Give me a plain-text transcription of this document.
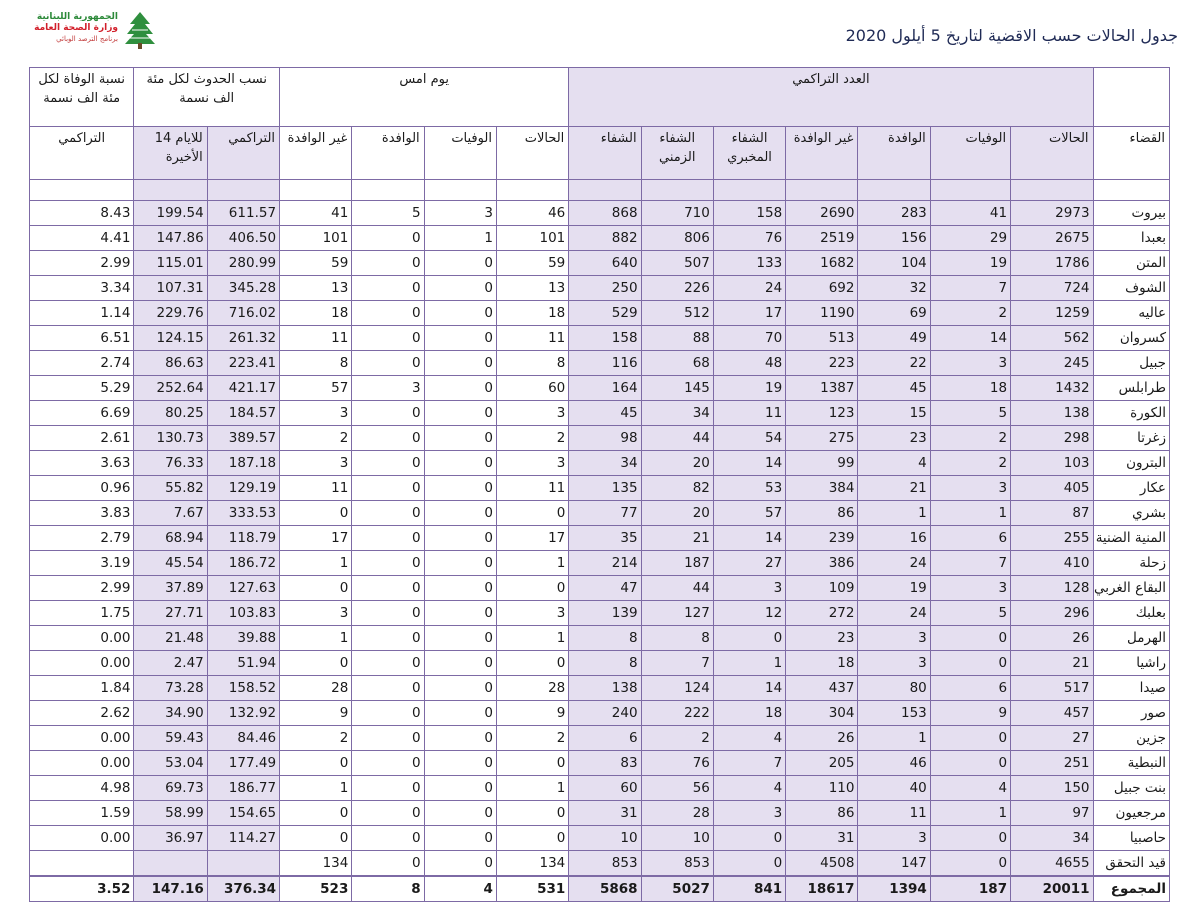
الجمهورية اللبنانية
وزارة الصحة العامة
برنامج الترصد الوبائي	جدول الحالات حسب الاقضية لتاريخ 5 أيلول 2020
نسبة الوفاة لكل مئة الف نسمة	نسب الحدوث لكل مئة الف نسمة		يوم امس				العدد التراكمي							
التراكمي	للايام 14 الأخيرة	التراكمي	غير الوافدة	الوافدة	الوفيات	الحالات	الشفاء	الشفاء الزمني	الشفاء المخبري	غير الوافدة	الوافدة	الوفيات	الحالات	القضاء

8.43	199.54	611.57	41	5	3	46	868	710	158	2690	283	41	2973	بيروت
4.41	147.86	406.50	101	0	1	101	882	806	76	2519	156	29	2675	بعبدا
2.99	115.01	280.99	59	0	0	59	640	507	133	1682	104	19	1786	المتن
3.34	107.31	345.28	13	0	0	13	250	226	24	692	32	7	724	الشوف
1.14	229.76	716.02	18	0	0	18	529	512	17	1190	69	2	1259	عاليه
6.51	124.15	261.32	11	0	0	11	158	88	70	513	49	14	562	كسروان
2.74	86.63	223.41	8	0	0	8	116	68	48	223	22	3	245	جبيل
5.29	252.64	421.17	57	3	0	60	164	145	19	1387	45	18	1432	طرابلس
6.69	80.25	184.57	3	0	0	3	45	34	11	123	15	5	138	الكورة
2.61	130.73	389.57	2	0	0	2	98	44	54	275	23	2	298	زغرتا
3.63	76.33	187.18	3	0	0	3	34	20	14	99	4	2	103	البترون
0.96	55.82	129.19	11	0	0	11	135	82	53	384	21	3	405	عكار
3.83	7.67	333.53	0	0	0	0	77	20	57	86	1	1	87	بشري
2.79	68.94	118.79	17	0	0	17	35	21	14	239	16	6	255	المنية الضنية
3.19	45.54	186.72	1	0	0	1	214	187	27	386	24	7	410	زحلة
2.99	37.89	127.63	0	0	0	0	47	44	3	109	19	3	128	البقاع الغربي
1.75	27.71	103.83	3	0	0	3	139	127	12	272	24	5	296	بعلبك
0.00	21.48	39.88	1	0	0	1	8	8	0	23	3	0	26	الهرمل
0.00	2.47	51.94	0	0	0	0	8	7	1	18	3	0	21	راشيا
1.84	73.28	158.52	28	0	0	28	138	124	14	437	80	6	517	صيدا
2.62	34.90	132.92	9	0	0	9	240	222	18	304	153	9	457	صور
0.00	59.43	84.46	2	0	0	2	6	2	4	26	1	0	27	جزين
0.00	53.04	177.49	0	0	0	0	83	76	7	205	46	0	251	النبطية
4.98	69.73	186.77	1	0	0	1	60	56	4	110	40	4	150	بنت جبيل
1.59	58.99	154.65	0	0	0	0	31	28	3	86	11	1	97	مرجعيون
0.00	36.97	114.27	0	0	0	0	10	10	0	31	3	0	34	حاصبيا
			134	0	0	134	853	853	0	4508	147	0	4655	قيد التحقق
3.52	147.16	376.34	523	8	4	531	5868	5027	841	18617	1394	187	20011	المجموع
